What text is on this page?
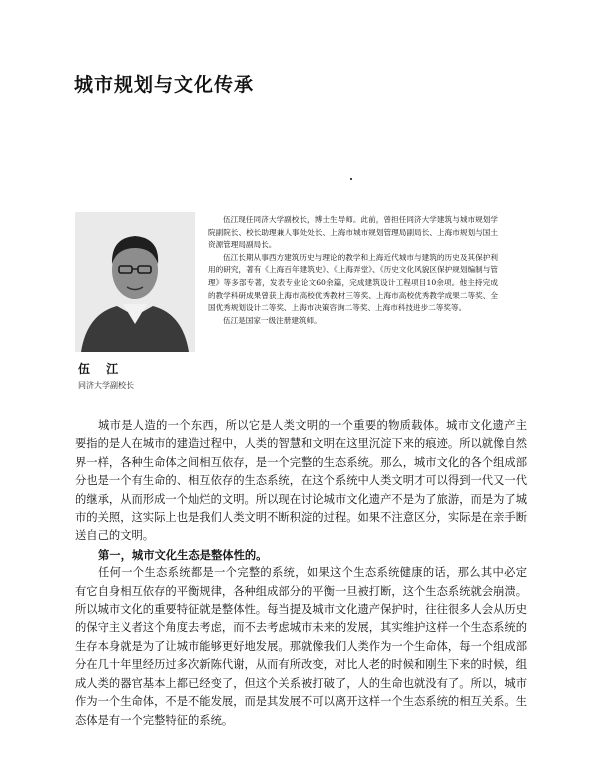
城市规划与文化传承
伍 江
同济大学副校长

伍江现任同济大学副校长，博士生导师。此前，曾担任同济大学建筑与城市规划学院副院长、校长助理兼人事处处长、上海市城市规划管理局副局长、上海市规划与国土资源管理局副局长。

伍江长期从事西方建筑历史与理论的教学和上海近代城市与建筑的历史及其保护利用的研究，著有《上海百年建筑史》、《上海弄堂》、《历史文化风貌区保护规划编制与管理》等多部专著，发表专业论文60余篇，完成建筑设计工程项目10余项。他主持完成的教学科研成果曾获上海市高校优秀教材三等奖、上海市高校优秀教学成果二等奖、全国优秀规划设计二等奖、上海市决策咨询二等奖、上海市科技进步二等奖等。

伍江是国家一级注册建筑师。

城市是人造的一个东西，所以它是人类文明的一个重要的物质载体。城市文化遗产主要指的是人在城市的建造过程中，人类的智慧和文明在这里沉淀下来的痕迹。所以就像自然界一样，各种生命体之间相互依存，是一个完整的生态系统。那么，城市文化的各个组成部分也是一个有生命的、相互依存的生态系统，在这个系统中人类文明才可以得到一代又一代的继承，从而形成一个灿烂的文明。所以现在讨论城市文化遗产不是为了旅游，而是为了城市的关照，这实际上也是我们人类文明不断积淀的过程。如果不注意区分，实际是在亲手断送自己的文明。

第一，城市文化生态是整体性的。

任何一个生态系统都是一个完整的系统，如果这个生态系统健康的话，那么其中必定有它自身相互依存的平衡规律，各种组成部分的平衡一旦被打断，这个生态系统就会崩溃。所以城市文化的重要特征就是整体性。每当提及城市文化遗产保护时，往往很多人会从历史的保守主义者这个角度去考虑，而不去考虑城市未来的发展，其实维护这样一个生态系统的生存本身就是为了让城市能够更好地发展。那就像我们人类作为一个生命体，每一个组成部分在几十年里经历过多次新陈代谢，从而有所改变，对比人老的时候和刚生下来的时候，组成人类的器官基本上都已经变了，但这个关系被打破了，人的生命也就没有了。所以，城市作为一个生命体，不是不能发展，而是其发展不可以离开这样一个生态系统的相互关系。生态体是有一个完整特征的系统。
